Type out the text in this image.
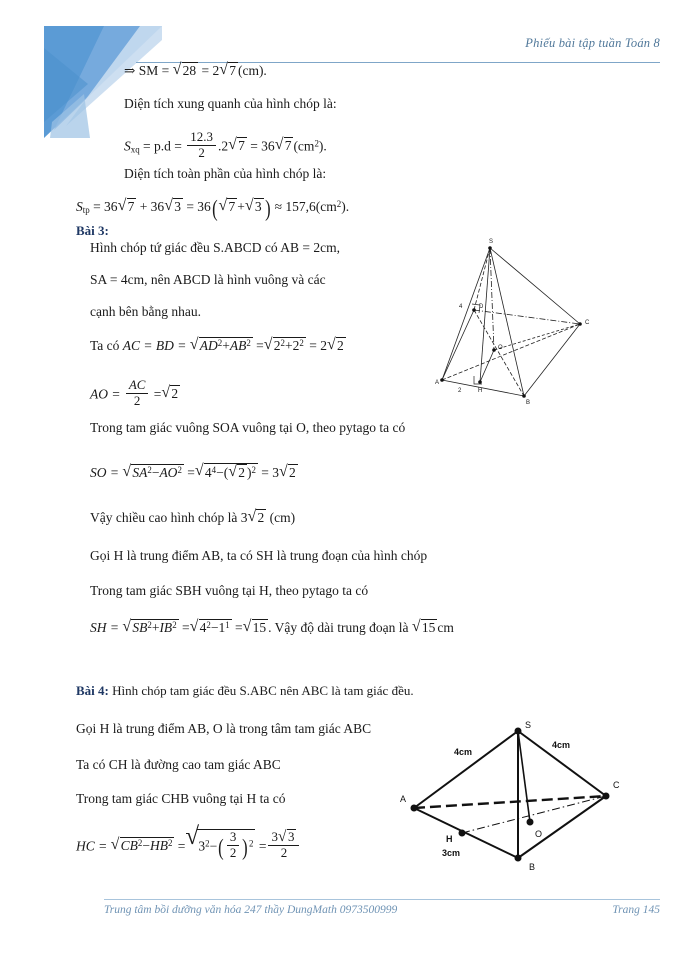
Phiếu bài tập tuần Toán 8
⇒ SM = √ 28 = 2 √ 7 (cm).
Diện tích xung quanh của hình chóp là:
$S_{xq} = p.d = \frac{12.3}{2} .2$ √ 7 = 36 √ 7 $(cm^2)$.
Diện tích toàn phần của hình chóp là:
$S_{tp} = 36$ √ 7 + 36 √ 3 = 36( √ 7 + √ 3 ) ≈ $157,6(cm^2)$.
Bài 3:
Hình chóp tứ giác đều S.ABCD có AB = 2cm,
SA = 4cm, nên ABCD là hình vuông và các
cạnh bên bằng nhau.
Ta có AC = BD = √ $AD^2+AB^2$ = √ $2^2+2^2 = 2$ √ 2
AO = $\frac{AC}{2}$ = √ 2
Trong tam giác vuông SOA vuông tại O, theo pytago ta có
SO = √ $SA^2-AO^2$ = √ $4^4-$( √ 2 )$^2$ = 3 √ 2
Vậy chiều cao hình chóp là 3 √ 2 (cm)
Gọi H là trung điểm AB, ta có SH là trung đoạn của hình chóp
Trong tam giác SBH vuông tại H, theo pytago ta có
SH = √ $SB^2+IB^2$ = √ $4^2-1^1$ = √ 15 . Vậy độ dài trung đoạn là √ 15 cm
Bài 4: Hình chóp tam giác đều S.ABC nên ABC là tam giác đều.
Gọi H là trung điểm AB, O là trong tâm tam giác ABC
Ta có CH là đường cao tam giác ABC
Trong tam giác CHB vuông tại H ta có
HC = √ $CB^2-HB^2$ = √ $3^2-( \frac{3}{2} )^2 = \frac{3 √ 3}{2}$
S
A
B
C
D
O
H
4
2
S
A
B
C
O
H
4cm
4cm
3cm
Trung tâm bồi dưỡng văn hóa 247 thầy DungMath 0973500999	Trang 145
